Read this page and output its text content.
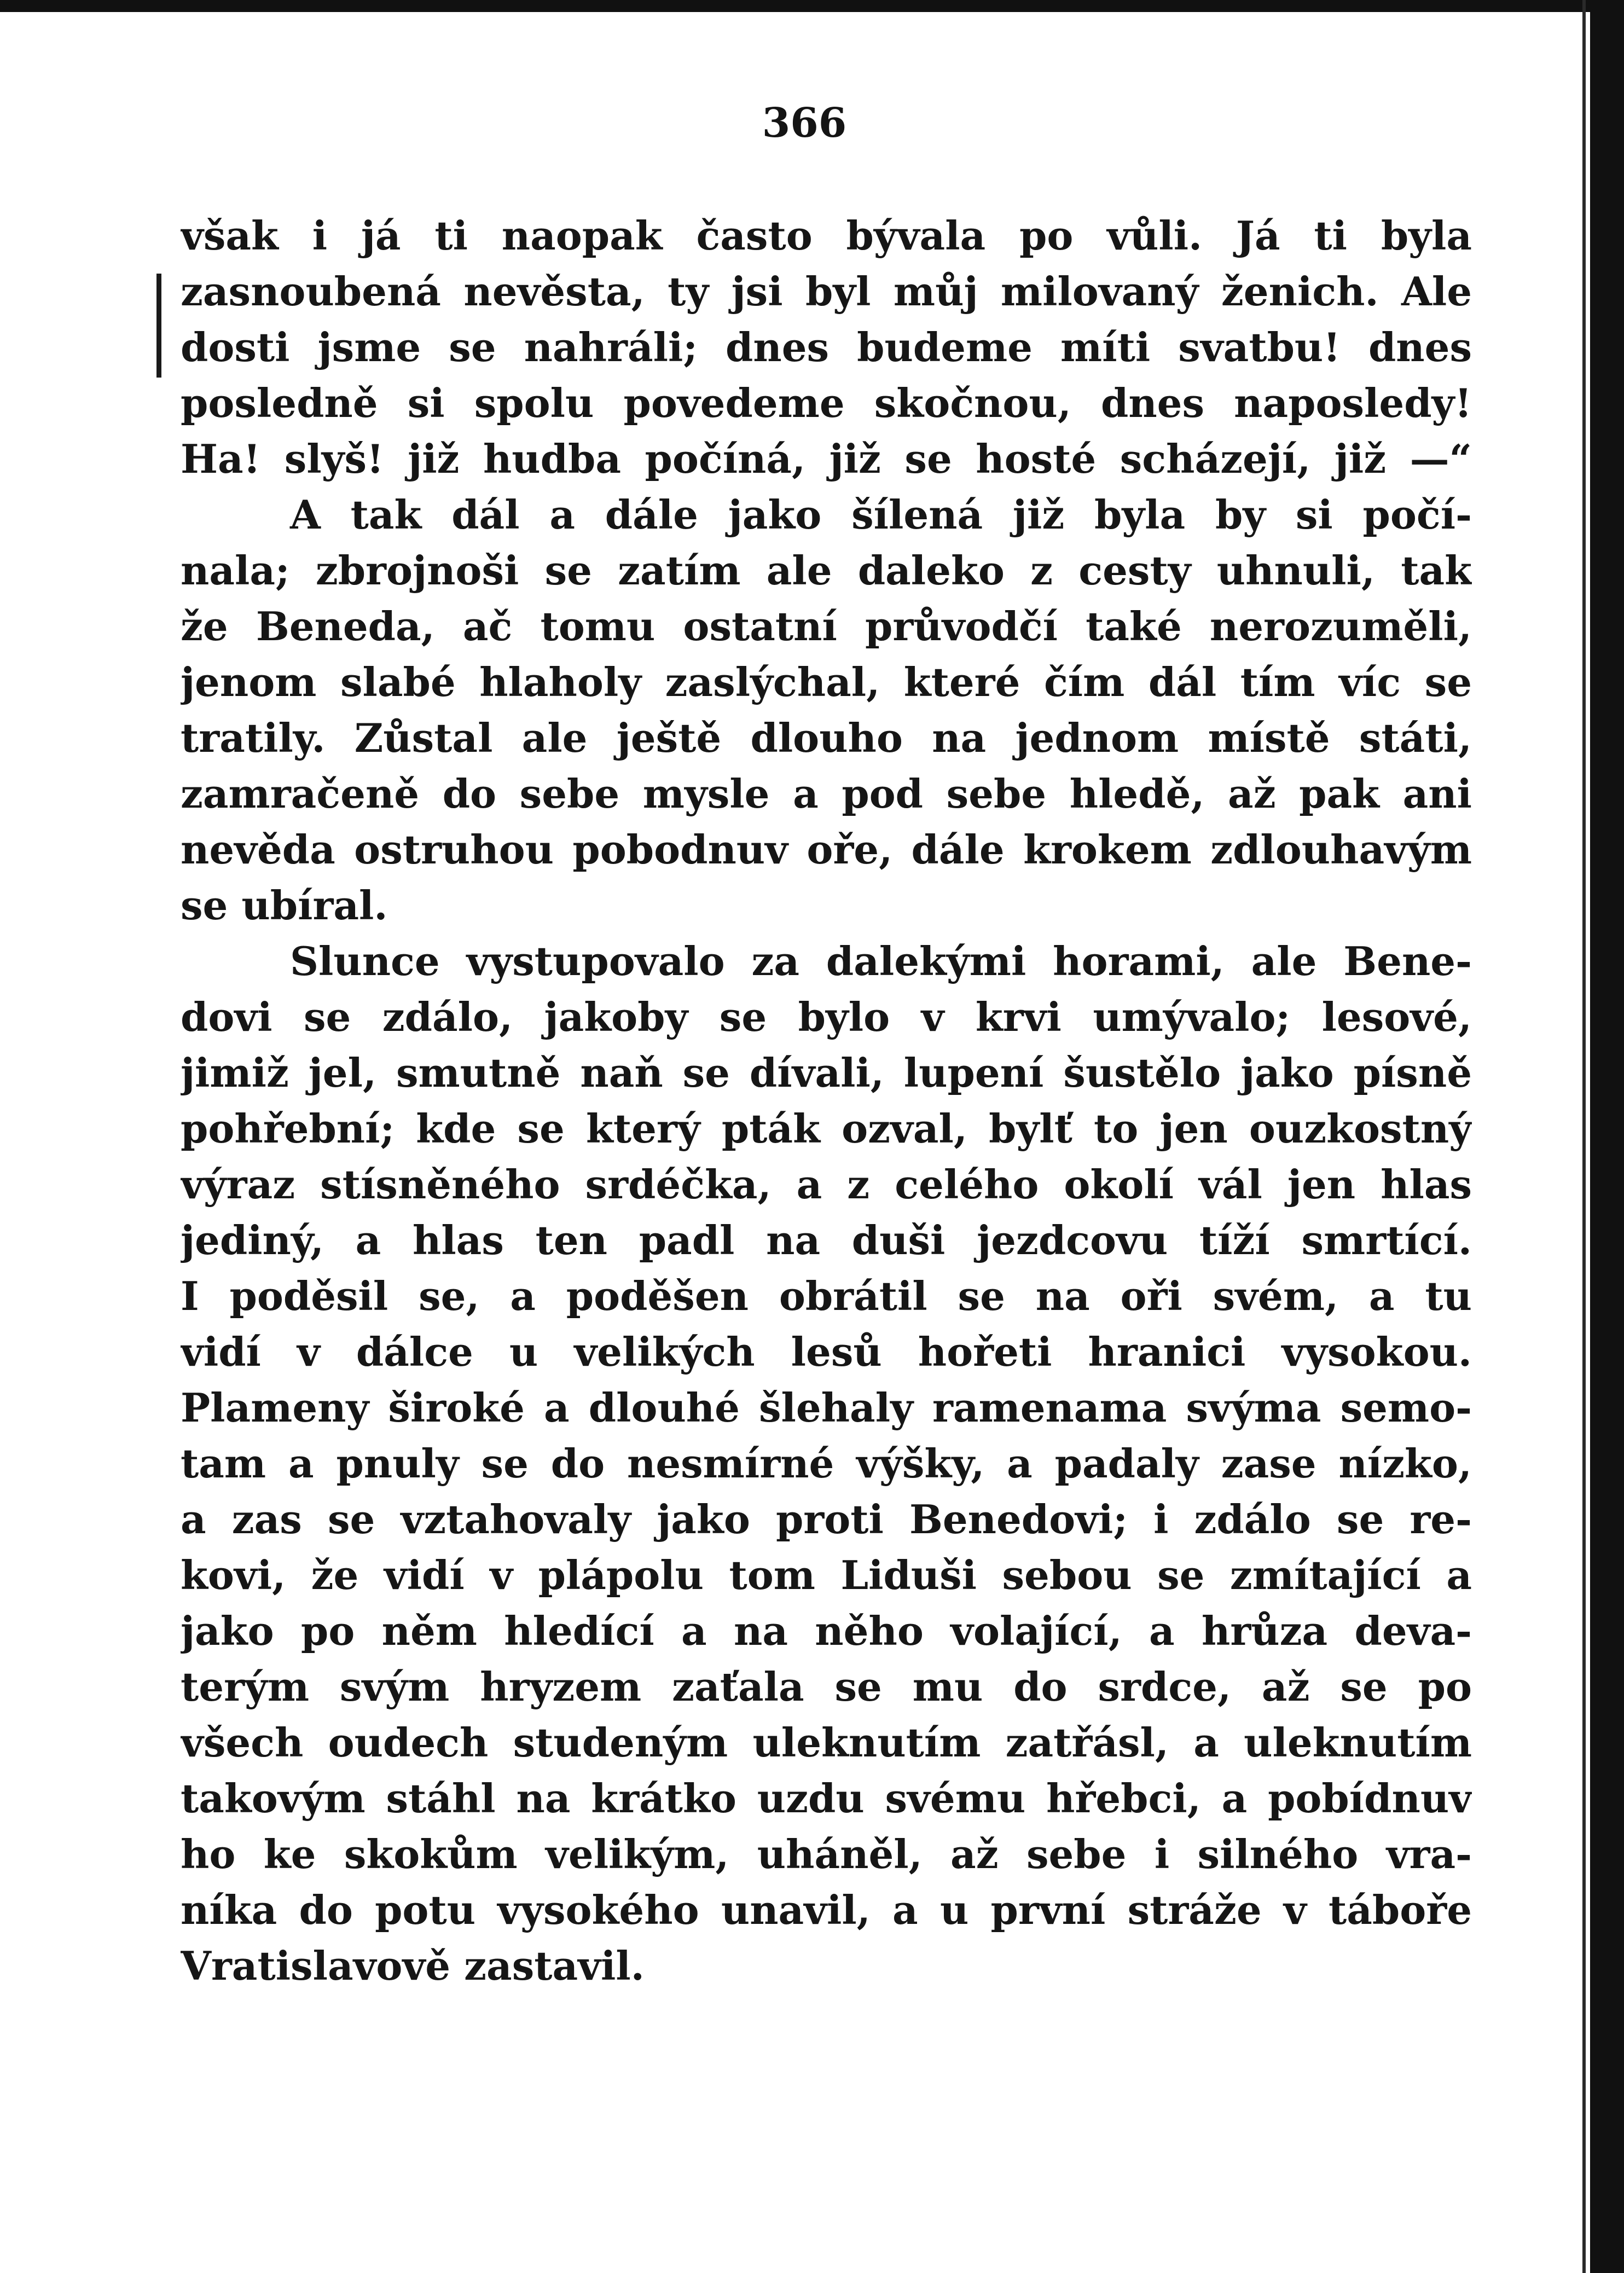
366
však i já ti naopak často bývala po vůli. Já ti byla
zasnoubená nevěsta, ty jsi byl můj milovaný ženich. Ale
dosti jsme se nahráli; dnes budeme míti svatbu! dnes
posledně si spolu povedeme skočnou, dnes naposledy!
Ha! slyš! již hudba počíná, již se hosté scházejí, již —“
A tak dál a dále jako šílená již byla by si počí-
nala; zbrojnoši se zatím ale daleko z cesty uhnuli, tak
že Beneda, ač tomu ostatní průvodčí také nerozuměli,
jenom slabé hlaholy zaslýchal, které čím dál tím víc se
tratily. Zůstal ale ještě dlouho na jednom místě státi,
zamračeně do sebe mysle a pod sebe hledě, až pak ani
nevěda ostruhou pobodnuv oře, dále krokem zdlouhavým
se ubíral.
Slunce vystupovalo za dalekými horami, ale Bene-
dovi se zdálo, jakoby se bylo v krvi umývalo; lesové,
jimiž jel, smutně naň se dívali, lupení šustělo jako písně
pohřební; kde se který pták ozval, bylť to jen ouzkostný
výraz stísněného srdéčka, a z celého okolí vál jen hlas
jediný, a hlas ten padl na duši jezdcovu tíží smrtící.
I poděsil se, a poděšen obrátil se na oři svém, a tu
vidí v dálce u velikých lesů hořeti hranici vysokou.
Plameny široké a dlouhé šlehaly ramenama svýma semo-
tam a pnuly se do nesmírné výšky, a padaly zase nízko,
a zas se vztahovaly jako proti Benedovi; i zdálo se re-
kovi, že vidí v plápolu tom Liduši sebou se zmítající a
jako po něm hledící a na něho volající, a hrůza deva-
terým svým hryzem zaťala se mu do srdce, až se po
všech oudech studeným uleknutím zatřásl, a uleknutím
takovým stáhl na krátko uzdu svému hřebci, a pobídnuv
ho ke skokům velikým, uháněl, až sebe i silného vra-
níka do potu vysokého unavil, a u první stráže v táboře
Vratislavově zastavil.
